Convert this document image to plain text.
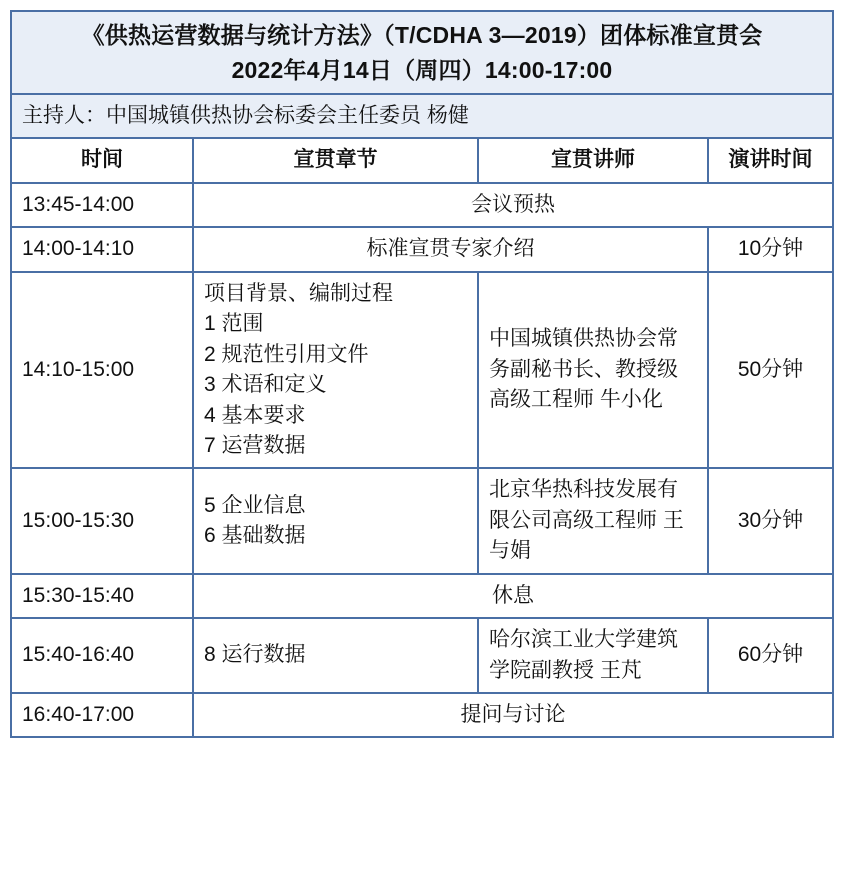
《供热运营数据与统计方法》（T/CDHA 3—2019）团体标准宣贯会
2022年4月14日（周四）14:00-17:00			

主持人：中国城镇供热协会标委会主任委员 杨健			
时间	宣贯章节	宣贯讲师	演讲时间
13:45-14:00	会议预热		
14:00-14:10	标准宣贯专家介绍		10分钟
14:10-15:00	项目背景、编制过程
1 范围
2 规范性引用文件
3 术语和定义
4 基本要求
7 运营数据	中国城镇供热协会常务副秘书长、教授级高级工程师 牛小化	50分钟
15:00-15:30	5 企业信息
6 基础数据	北京华热科技发展有限公司高级工程师 王与娟	30分钟
15:30-15:40	休息		
15:40-16:40	8 运行数据	哈尔滨工业大学建筑学院副教授 王芃	60分钟
16:40-17:00	提问与讨论		
